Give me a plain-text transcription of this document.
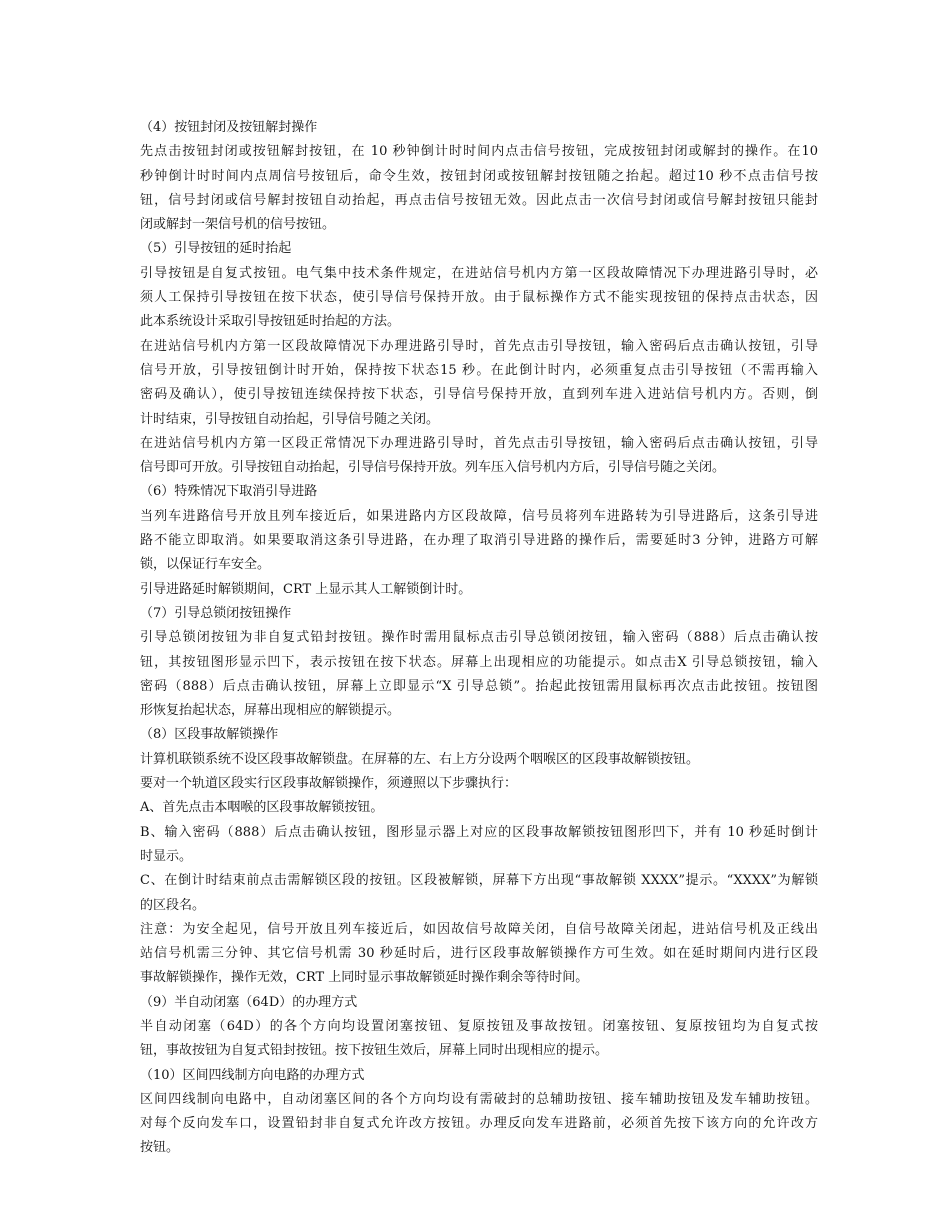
（4）按钮封闭及按钮解封操作
先点击按钮封闭或按钮解封按钮，在 10 秒钟倒计时时间内点击信号按钮，完成按钮封闭或解封的操作。在10
秒钟倒计时时间内点周信号按钮后，命令生效，按钮封闭或按钮解封按钮随之抬起。超过10 秒不点击信号按
钮，信号封闭或信号解封按钮自动抬起，再点击信号按钮无效。因此点击一次信号封闭或信号解封按钮只能封
闭或解封一架信号机的信号按钮。
（5）引导按钮的延时抬起
引导按钮是自复式按钮。电气集中技术条件规定，在进站信号机内方第一区段故障情况下办理进路引导时，必
须人工保持引导按钮在按下状态，使引导信号保持开放。由于鼠标操作方式不能实现按钮的保持点击状态，因
此本系统设计采取引导按钮延时抬起的方法。
在进站信号机内方第一区段故障情况下办理进路引导时，首先点击引导按钮，输入密码后点击确认按钮，引导
信号开放，引导按钮倒计时开始，保持按下状态15 秒。在此倒计时内，必须重复点击引导按钮（不需再输入
密码及确认），使引导按钮连续保持按下状态，引导信号保持开放，直到列车进入进站信号机内方。否则，倒
计时结束，引导按钮自动抬起，引导信号随之关闭。
在进站信号机内方第一区段正常情况下办理进路引导时，首先点击引导按钮，输入密码后点击确认按钮，引导
信号即可开放。引导按钮自动抬起，引导信号保持开放。列车压入信号机内方后，引导信号随之关闭。
（6）特殊情况下取消引导进路
当列车进路信号开放且列车接近后，如果进路内方区段故障，信号员将列车进路转为引导进路后，这条引导进
路不能立即取消。如果要取消这条引导进路，在办理了取消引导进路的操作后，需要延时3 分钟，进路方可解
锁，以保证行车安全。
引导进路延时解锁期间，CRT 上显示其人工解锁倒计时。
（7）引导总锁闭按钮操作
引导总锁闭按钮为非自复式铅封按钮。操作时需用鼠标点击引导总锁闭按钮，输入密码（888）后点击确认按
钮，其按钮图形显示凹下，表示按钮在按下状态。屏幕上出现相应的功能提示。如点击X 引导总锁按钮，输入
密码（888）后点击确认按钮，屏幕上立即显示“X 引导总锁”。抬起此按钮需用鼠标再次点击此按钮。按钮图
形恢复抬起状态，屏幕出现相应的解锁提示。
（8）区段事故解锁操作
计算机联锁系统不设区段事故解锁盘。在屏幕的左、右上方分设两个咽喉区的区段事故解锁按钮。
要对一个轨道区段实行区段事故解锁操作，须遵照以下步骤执行：
A、首先点击本咽喉的区段事故解锁按钮。
B、输入密码（888）后点击确认按钮，图形显示器上对应的区段事故解锁按钮图形凹下，并有 10 秒延时倒计
时显示。
C、在倒计时结束前点击需解锁区段的按钮。区段被解锁，屏幕下方出现“事故解锁 XXXX”提示。“XXXX”为解锁
的区段名。
注意：为安全起见，信号开放且列车接近后，如因故信号故障关闭，自信号故障关闭起，进站信号机及正线出
站信号机需三分钟、其它信号机需 30 秒延时后，进行区段事故解锁操作方可生效。如在延时期间内进行区段
事故解锁操作，操作无效，CRT 上同时显示事故解锁延时操作剩余等待时间。
（9）半自动闭塞（64D）的办理方式
半自动闭塞（64D）的各个方向均设置闭塞按钮、复原按钮及事故按钮。闭塞按钮、复原按钮均为自复式按
钮，事故按钮为自复式铅封按钮。按下按钮生效后，屏幕上同时出现相应的提示。
（10）区间四线制方向电路的办理方式
区间四线制向电路中，自动闭塞区间的各个方向均设有需破封的总辅助按钮、接车辅助按钮及发车辅助按钮。
对每个反向发车口，设置铅封非自复式允许改方按钮。办理反向发车进路前，必须首先按下该方向的允许改方
按钮。
